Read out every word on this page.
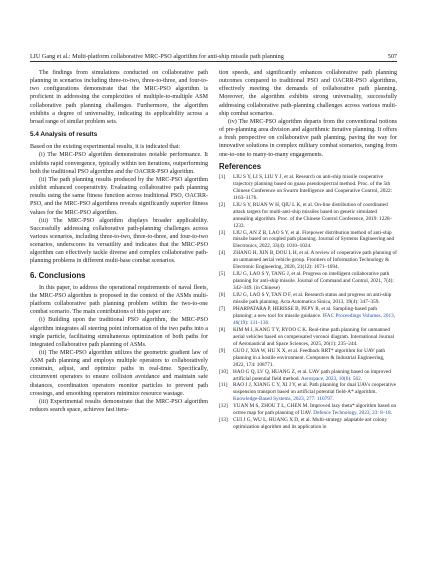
LIU Gang et al.: Multi-platform collaborative MRC-PSO algorithm for anti-ship missile path planning	507

The findings from simulations conducted on collaborative path planning in scenarios including three-to-two, three-to-three, and four-to-two configurations demonstrate that the MRC-PSO algorithm is proficient in addressing the complexities of multiple-to-multiple ASM collaborative path planning challenges. Furthermore, the algorithm exhibits a degree of universality, indicating its applicability across a broad range of similar problem sets.

5.4 Analysis of results

Based on the existing experimental results, it is indicated that:

(i) The MRC-PSO algorithm demonstrates notable performance. It exhibits rapid convergence, typically within ten iterations, outperforming both the traditional PSO algorithm and the OACRR-PSO algorithm.

(ii) The path planning results produced by the MRC-PSO algorithm exhibit enhanced cooperativity. Evaluating collaborative path planning results using the same fitness function across traditional PSO, OACRR-PSO, and the MRC-PSO algorithms reveals significantly superior fitness values for the MRC-PSO algorithm.

(iii) The MRC-PSO algorithm displays broader applicability. Successfully addressing collaborative path-planning challenges across various scenarios, including three-to-two, three-to-three, and four-to-two scenarios, underscores its versatility and indicates that the MRC-PSO algorithm can effectively tackle diverse and complex collaborative path-planning problems in different multi-base combat scenarios.

6. Conclusions

In this paper, to address the operational requirements of naval fleets, the MRC-PSO algorithm is proposed in the context of the ASMs multi-platform collaborative path planning problem within the two-to-one combat scenario. The main contributions of this paper are:

(i) Building upon the traditional PSO algorithm, the MRC-PSO algorithm integrates all steering point information of the two paths into a single particle, facilitating simultaneous optimization of both paths for integrated collaborative path planning of ASMs.

(ii) The MRC-PSO algorithm utilizes the geometric gradient law of ASM path planning and employs multiple operators to collaboratively constrain, adjust, and optimize paths in real-time. Specifically, circumvent operators to ensure collision avoidance and maintain safe distances, coordination operators monitor particles to prevent path crossings, and smoothing operators minimize resource wastage.

(iii) Experimental results demonstrate that the MRC-PSO algorithm reduces search space, achieves fast itera-

tion speeds, and significantly enhances collaborative path planning outcomes compared to traditional PSO and OACRR-PSO algorithms, effectively meeting the demands of collaborative path planning. Moreover, the algorithm exhibits strong universality, successfully addressing collaborative path-planning challenges across various multi-ship combat scenarios.

(iv) The MRC-PSO algorithm departs from the conventional notions of pre-planning area division and algorithmic iterative planning. It offers a fresh perspective on collaborative path planning, paving the way for innovative solutions in complex military combat scenarios, ranging from one-to-one to many-to-many engagements.

References
[1]	LIU S Y, LI S, LIU Y J, et al. Research on anti-ship missile cooperative trajectory planning based on guass pseudospectral method. Proc. of the 5th Chinese Conference on Swarm Intelligence and Cooperative Control, 2022: 1163–1176.
[2]	LIU S Y, RUAN W H, QIU L K, et al. On-line distribution of coordinated attack targets for multi-anti-ship missiles based on genetic simulated annealing algorithm. Proc. of the Chinese Control Conference, 2019: 1228–1233.
[3]	LIU G, AN Z B, LAO S Y, et al. Firepower distribution method of anti-ship missile based on coupled path planning. Journal of Systems Engineering and Electronics, 2022, 33(4): 1010–1024.
[4]	ZHANG H, XIN B, DOU L H, et al. A review of cooperative path planning of an unmanned aerial vehicle group. Frontiers of Information Technology & Electronic Engineering, 2020, 21(12): 1671–1694.
[5]	LIU G, LAO S Y, TANG J, et al. Progress on intelligent collaborative path planning for anti-ship missile. Journal of Command and Control, 2021, 7(4): 342–349. (in Chinese)
[6]	LIU G, LAO S Y, TAN D F, et al. Research status and progress on anti-ship missile path planning. Acta Automatica Sinica, 2013, 39(4): 347–359.
[7]	PHARPATARA P, HERISSE B, PEPY R, et al. Sampling-based path planning: a new tool for missile guidance. IFAC Proceedings Volumes, 2013, 46(19): 131–136.
[8]	KIM M J, KANG T Y, RYOO C K. Real-time path planning for unmanned aerial vehicles based on compensated voronoi diagram. International Journal of Aeronautical and Space Sciences, 2025, 26(1): 235–244.
[9]	GUO J, XIA W, HU X X, et al. Feedback RRT* algorithm for UAV path planning in a hostile environment. Computers & Industrial Engineering, 2022, 174: 108771.
[10]	HAO G Q, LV Q, HUANG Z, et al. UAV path planning based on improved artificial potential field method. Aerospace, 2023, 10(6): 562.
[11]	RAO J J, XIANG C Y, XI J Y, et al. Path planning for dual UAVs cooperative suspension transport based on artificial potential field-A* algorithm. Knowledge-Based Systems, 2023, 277: 110797.
[12]	YUAN M S, ZHOU T L, CHEN M. Improved lazy theta* algorithm based on octree map for path planning of UAV. Defence Technology, 2023, 23: 8–18.
[13]	CUI J G, WU L, HUANG X D, et al. Multi-strategy adaptable ant colony optimization algorithm and its application in
